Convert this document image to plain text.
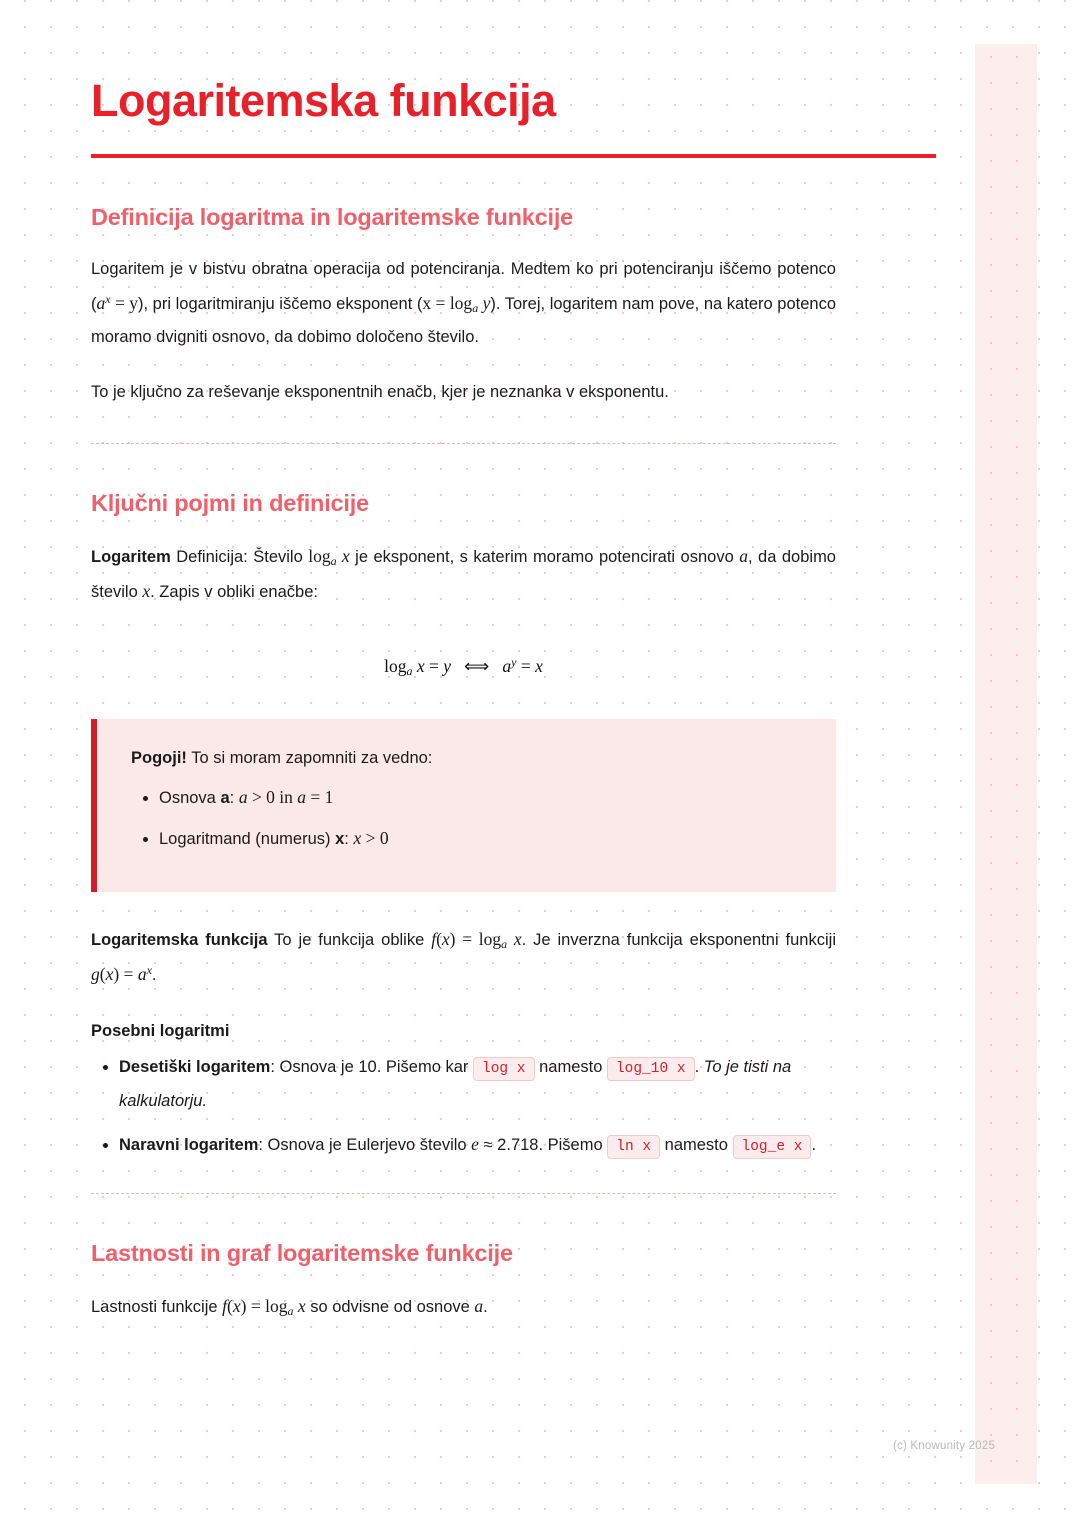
Logaritemska funkcija
Definicija logaritma in logaritemske funkcije

Logaritem je v bistvu obratna operacija od potenciranja. Medtem ko pri potenciranju iščemo potenco $(a^x = y)$, pri logaritmiranju iščemo eksponent $(x = \log_a y)$. Torej, logaritem nam pove, na katero potenco moramo dvigniti osnovo, da dobimo določeno število.

To je ključno za reševanje eksponentnih enačb, kjer je neznanka v eksponentu.

Ključni pojmi in definicije

Logaritem Definicija: Število $\log_a x$ je eksponent, s katerim moramo potencirati osnovo a, da dobimo število x. Zapis v obliki enačbe:

$\log_a x = y$   ⟺   $a^y = x$
Pogoji! To si moram zapomniti za vedno:
• Osnova a: a > 0 in a = 1
• Logaritmand (numerus) x: x > 0

Logaritemska funkcija To je funkcija oblike $f(x) = \log_a x$. Je inverzna funkcija eksponentni funkciji $g(x) = a^x$.

Posebni logaritmi
• Desetiški logaritem: Osnova je 10. Pišemo kar log x namesto log_10 x . To je tisti na kalkulatorju.
• Naravni logaritem: Osnova je Eulerjevo število e ≈ 2.718. Pišemo ln x namesto log_e x .
Lastnosti in graf logaritemske funkcije

Lastnosti funkcije $f(x) = \log_a x$ so odvisne od osnove a.

(c) Knowunity 2025
